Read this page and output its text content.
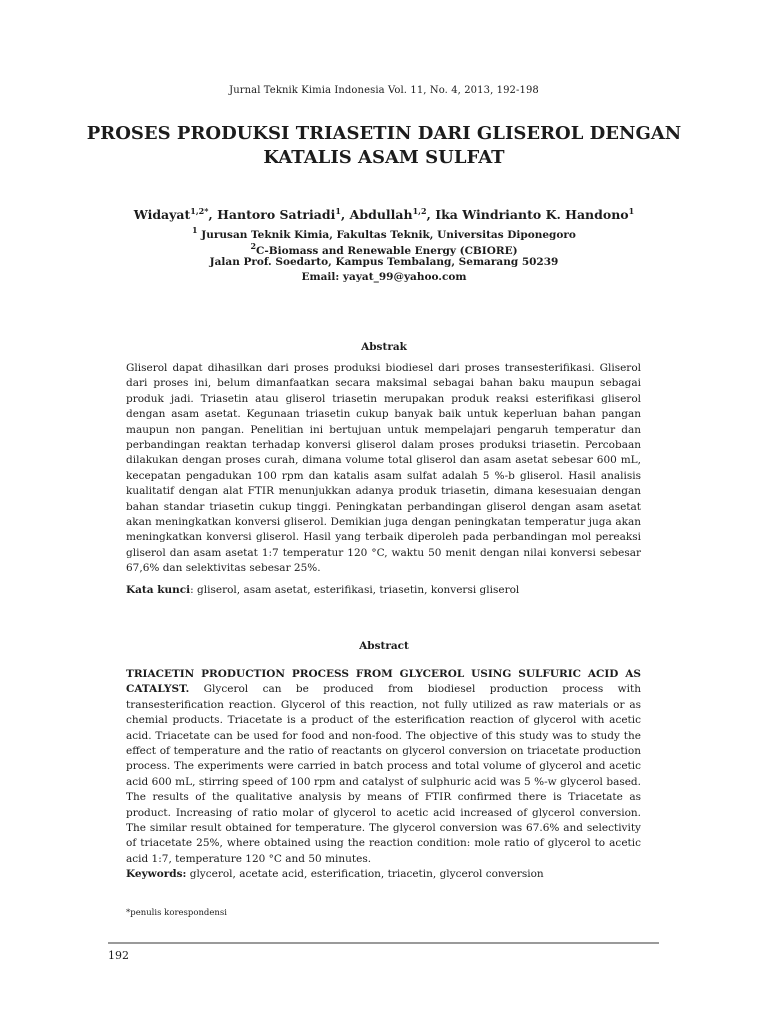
Jurnal Teknik Kimia Indonesia Vol. 11, No. 4, 2013, 192-198
PROSES PRODUKSI TRIASETIN DARI GLISEROL DENGAN KATALIS ASAM SULFAT
Widayat$^{1,2*}$, Hantoro Satriadi$^1$, Abdullah$^{1,2}$, Ika Windrianto K. Handono$^1$
$^1$ Jurusan Teknik Kimia, Fakultas Teknik, Universitas Diponegoro
$^2$C-Biomass and Renewable Energy (CBIORE)
Jalan Prof. Soedarto, Kampus Tembalang, Semarang 50239
Email: yayat_99@yahoo.com
Abstrak
Gliserol dapat dihasilkan dari proses produksi biodiesel dari proses transesterifikasi. Gliserol dari proses ini, belum dimanfaatkan secara maksimal sebagai bahan baku maupun sebagai produk jadi. Triasetin atau gliserol triasetin merupakan produk reaksi esterifikasi gliserol dengan asam asetat. Kegunaan triasetin cukup banyak baik untuk keperluan bahan pangan maupun non pangan. Penelitian ini bertujuan untuk mempelajari pengaruh temperatur dan perbandingan reaktan terhadap konversi gliserol dalam proses produksi triasetin. Percobaan dilakukan dengan proses curah, dimana volume total gliserol dan asam asetat sebesar 600 mL, kecepatan pengadukan 100 rpm dan katalis asam sulfat adalah 5 %-b gliserol. Hasil analisis kualitatif dengan alat FTIR menunjukkan adanya produk triasetin, dimana kesesuaian dengan bahan standar triasetin cukup tinggi. Peningkatan perbandingan gliserol dengan asam asetat akan meningkatkan konversi gliserol. Demikian juga dengan peningkatan temperatur juga akan meningkatkan konversi gliserol. Hasil yang terbaik diperoleh pada perbandingan mol pereaksi gliserol dan asam asetat 1:7 temperatur 120 °C, waktu 50 menit dengan nilai konversi sebesar 67,6% dan selektivitas sebesar 25%.
Kata kunci: gliserol, asam asetat, esterifikasi, triasetin, konversi gliserol
Abstract
TRIACETIN PRODUCTION PROCESS FROM GLYCEROL USING SULFURIC ACID AS CATALYST. Glycerol can be produced from biodiesel production process with transesterification reaction. Glycerol of this reaction, not fully utilized as raw materials or as chemial products. Triacetate is a product of the esterification reaction of glycerol with acetic acid. Triacetate can be used for food and non-food. The objective of this study was to study the effect of temperature and the ratio of reactants on glycerol conversion on triacetate production process. The experiments were carried in batch process and total volume of glycerol and acetic acid 600 mL, stirring speed of 100 rpm and catalyst of sulphuric acid was 5 %-w glycerol based. The results of the qualitative analysis by means of FTIR confirmed there is Triacetate as product. Increasing of ratio molar of glycerol to acetic acid increased of glycerol conversion. The similar result obtained for temperature. The glycerol conversion was 67.6% and selectivity of triacetate 25%, where obtained using the reaction condition: mole ratio of glycerol to acetic acid 1:7, temperature 120 °C and 50 minutes.
Keywords: glycerol, acetate acid, esterification, triacetin, glycerol conversion
*penulis korespondensi
192
